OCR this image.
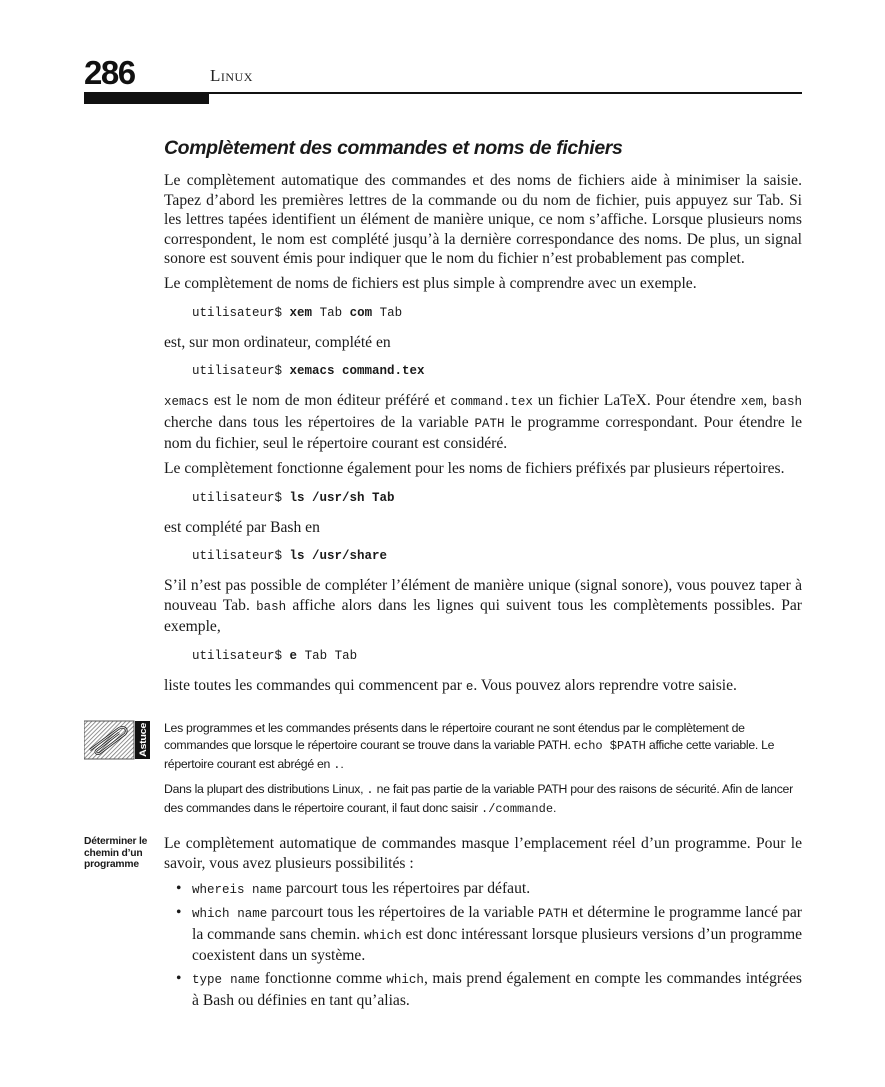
286	Linux
Complètement des commandes et noms de fichiers

Le complètement automatique des commandes et des noms de fichiers aide à minimiser la saisie. Tapez d’abord les premières lettres de la commande ou du nom de fichier, puis appuyez sur Tab. Si les lettres tapées identifient un élément de manière unique, ce nom s’affiche. Lorsque plusieurs noms correspondent, le nom est complété jusqu’à la dernière correspondance des noms. De plus, un signal sonore est souvent émis pour indiquer que le nom du fichier n’est probablement pas complet.

Le complètement de noms de fichiers est plus simple à comprendre avec un exemple.

utilisateur$ xem Tab com Tab

est, sur mon ordinateur, complété en

utilisateur$ xemacs command.tex

xemacs est le nom de mon éditeur préféré et command.tex un fichier LaTeX. Pour étendre xem, bash cherche dans tous les répertoires de la variable PATH le programme correspondant. Pour étendre le nom du fichier, seul le répertoire courant est considéré.

Le complètement fonctionne également pour les noms de fichiers préfixés par plusieurs répertoires.

utilisateur$ ls /usr/sh Tab

est complété par Bash en

utilisateur$ ls /usr/share

S’il n’est pas possible de compléter l’élément de manière unique (signal sonore), vous pouvez taper à nouveau Tab. bash affiche alors dans les lignes qui suivent tous les complètements possibles. Par exemple,

utilisateur$ e Tab Tab

liste toutes les commandes qui commencent par e. Vous pouvez alors reprendre votre saisie.

Astuce Les programmes et les commandes présents dans le répertoire courant ne sont étendus par le complètement de commandes que lorsque le répertoire courant se trouve dans la variable PATH. echo $PATH affiche cette variable. Le répertoire courant est abrégé en ..

Dans la plupart des distributions Linux, . ne fait pas partie de la variable PATH pour des raisons de sécurité. Afin de lancer des commandes dans le répertoire courant, il faut donc saisir ./commande.

Déterminer le chemin d’un programme

Le complètement automatique de commandes masque l’emplacement réel d’un programme. Pour le savoir, vous avez plusieurs possibilités :

• whereis name parcourt tous les répertoires par défaut.
• which name parcourt tous les répertoires de la variable PATH et détermine le programme lancé par la commande sans chemin. which est donc intéressant lorsque plusieurs versions d’un programme coexistent dans un système.
• type name fonctionne comme which, mais prend également en compte les commandes intégrées à Bash ou définies en tant qu’alias.
